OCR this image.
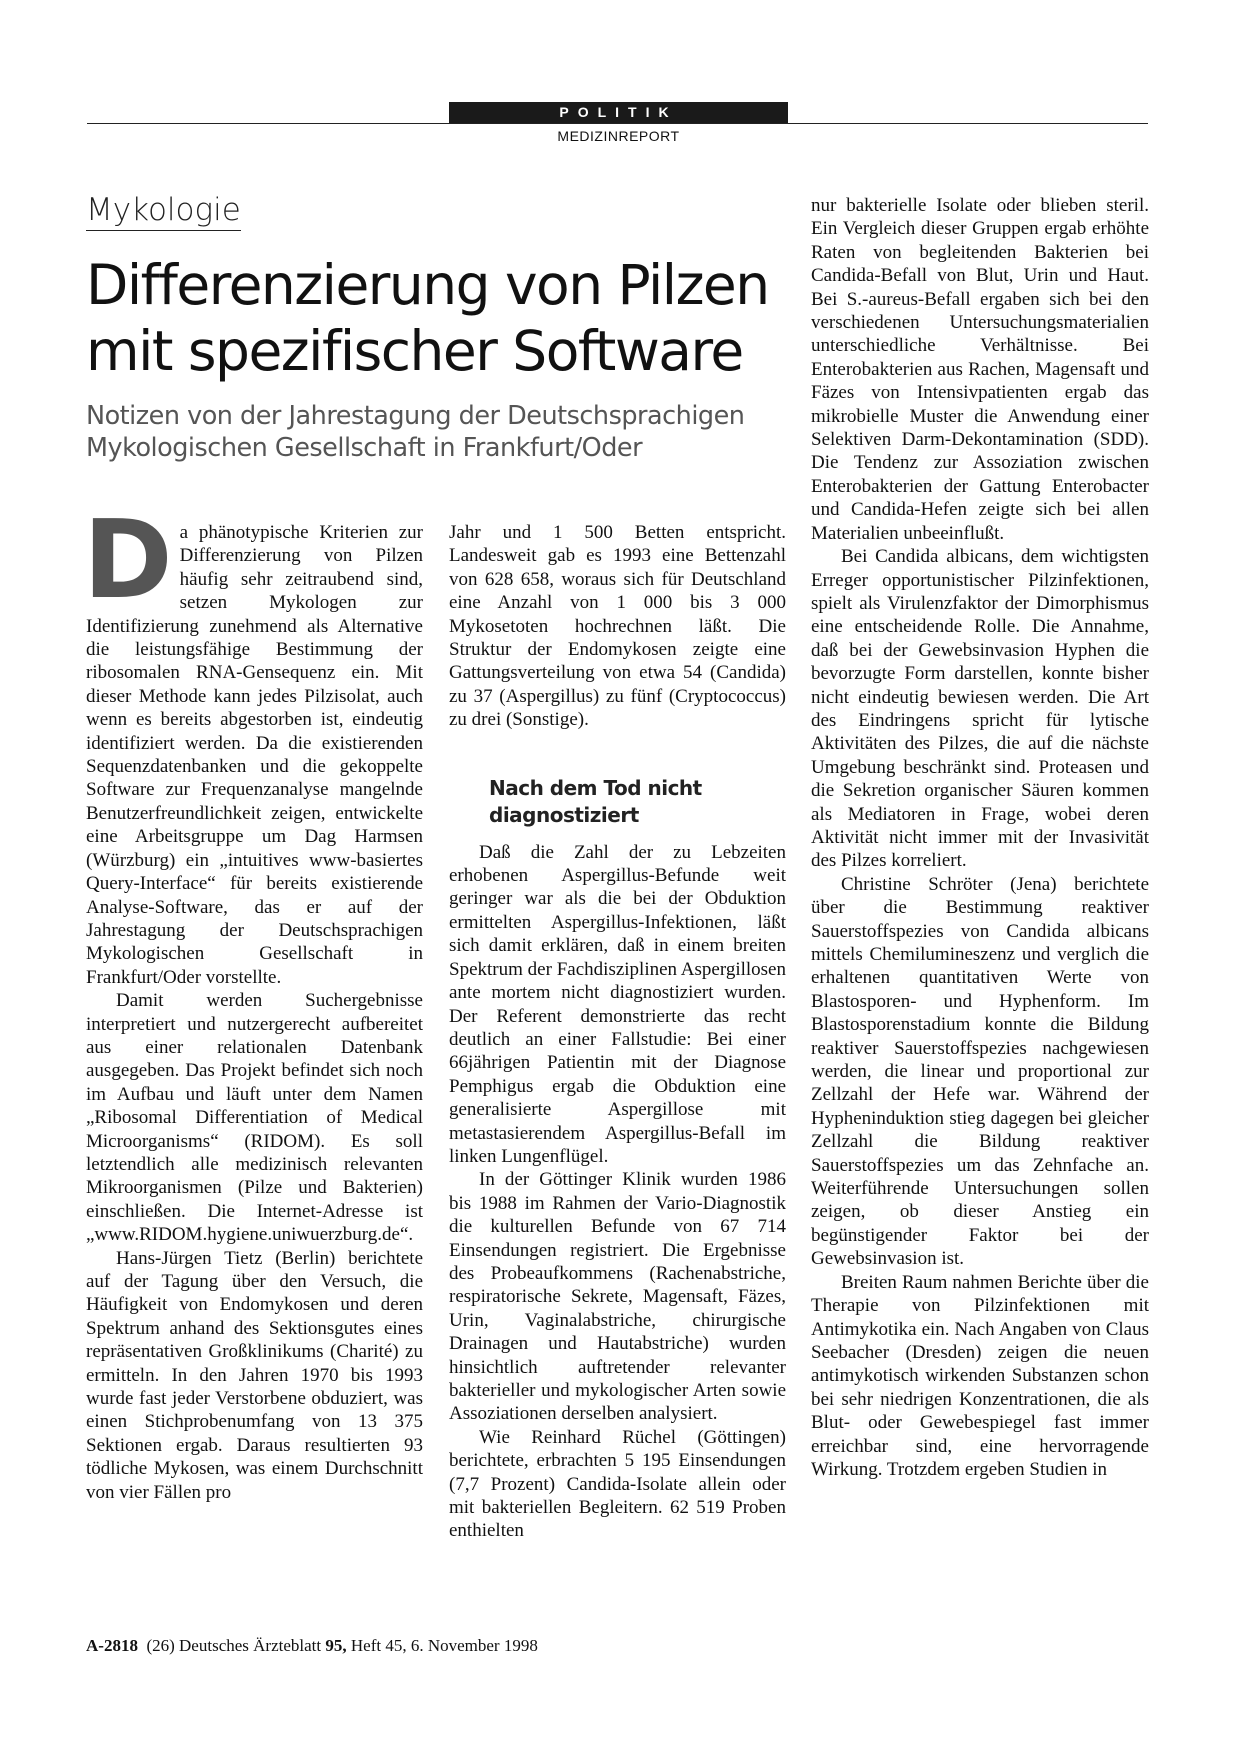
POLITIK
MEDIZINREPORT
Mykologie
Differenzierung von Pilzen
mit spezifischer Software
Notizen von der Jahrestagung der Deutschsprachigen
Mykologischen Gesellschaft in Frankfurt/Oder
D a phänotypische Kriterien zur Differenzierung von Pilzen häufig sehr zeitraubend sind, setzen Mykologen zur Identifizierung zunehmend als Alternative die leistungsfähige Bestimmung der ribosomalen RNA-Gensequenz ein. Mit dieser Methode kann jedes Pilzisolat, auch wenn es bereits abgestorben ist, eindeutig identifiziert werden. Da die existierenden Sequenzdatenbanken und die gekoppelte Software zur Frequenzanalyse mangelnde Benutzerfreundlichkeit zeigen, entwickelte eine Arbeitsgruppe um Dag Harmsen (Würzburg) ein „intuitives www-basiertes Query-Interface“ für bereits existierende Analyse-Software, das er auf der Jahrestagung der Deutschsprachigen Mykologischen Gesellschaft in Frankfurt/Oder vorstellte.

Damit werden Suchergebnisse interpretiert und nutzergerecht aufbereitet aus einer relationalen Datenbank ausgegeben. Das Projekt befindet sich noch im Aufbau und läuft unter dem Namen „Ribosomal Differentiation of Medical Microorganisms“ (RIDOM). Es soll letztendlich alle medizinisch relevanten Mikroorganismen (Pilze und Bakterien) einschließen. Die Internet-Adresse ist „www.RIDOM.hygiene.uniwuerzburg.de“.

Hans-Jürgen Tietz (Berlin) berichtete auf der Tagung über den Versuch, die Häufigkeit von Endomykosen und deren Spektrum anhand des Sektionsgutes eines repräsentativen Großklinikums (Charité) zu ermitteln. In den Jahren 1970 bis 1993 wurde fast jeder Verstorbene obduziert, was einen Stichprobenumfang von 13 375 Sektionen ergab. Daraus resultierten 93 tödliche Mykosen, was einem Durchschnitt von vier Fällen pro

Jahr und 1 500 Betten entspricht. Landesweit gab es 1993 eine Bettenzahl von 628 658, woraus sich für Deutschland eine Anzahl von 1 000 bis 3 000 Mykosetoten hochrechnen läßt. Die Struktur der Endomykosen zeigte eine Gattungsverteilung von etwa 54 (Candida) zu 37 (Aspergillus) zu fünf (Cryptococcus) zu drei (Sonstige).

Nach dem Tod nicht
diagnostiziert

Daß die Zahl der zu Lebzeiten erhobenen Aspergillus-Befunde weit geringer war als die bei der Obduktion ermittelten Aspergillus-Infektionen, läßt sich damit erklären, daß in einem breiten Spektrum der Fachdisziplinen Aspergillosen ante mortem nicht diagnostiziert wurden. Der Referent demonstrierte das recht deutlich an einer Fallstudie: Bei einer 66jährigen Patientin mit der Diagnose Pemphigus ergab die Obduktion eine generalisierte Aspergillose mit metastasierendem Aspergillus-Befall im linken Lungenflügel.

In der Göttinger Klinik wurden 1986 bis 1988 im Rahmen der Vario-Diagnostik die kulturellen Befunde von 67 714 Einsendungen registriert. Die Ergebnisse des Probeaufkommens (Rachenabstriche, respiratorische Sekrete, Magensaft, Fäzes, Urin, Vaginalabstriche, chirurgische Drainagen und Hautabstriche) wurden hinsichtlich auftretender relevanter bakterieller und mykologischer Arten sowie Assoziationen derselben analysiert.

Wie Reinhard Rüchel (Göttingen) berichtete, erbrachten 5 195 Einsendungen (7,7 Prozent) Candida-Isolate allein oder mit bakteriellen Begleitern. 62 519 Proben enthielten

nur bakterielle Isolate oder blieben steril. Ein Vergleich dieser Gruppen ergab erhöhte Raten von begleitenden Bakterien bei Candida-Befall von Blut, Urin und Haut. Bei S.-aureus-Befall ergaben sich bei den verschiedenen Untersuchungsmaterialien unterschiedliche Verhältnisse. Bei Enterobakterien aus Rachen, Magensaft und Fäzes von Intensivpatienten ergab das mikrobielle Muster die Anwendung einer Selektiven Darm-Dekontamination (SDD). Die Tendenz zur Assoziation zwischen Enterobakterien der Gattung Enterobacter und Candida-Hefen zeigte sich bei allen Materialien unbeeinflußt.

Bei Candida albicans, dem wichtigsten Erreger opportunistischer Pilzinfektionen, spielt als Virulenzfaktor der Dimorphismus eine entscheidende Rolle. Die Annahme, daß bei der Gewebsinvasion Hyphen die bevorzugte Form darstellen, konnte bisher nicht eindeutig bewiesen werden. Die Art des Eindringens spricht für lytische Aktivitäten des Pilzes, die auf die nächste Umgebung beschränkt sind. Proteasen und die Sekretion organischer Säuren kommen als Mediatoren in Frage, wobei deren Aktivität nicht immer mit der Invasivität des Pilzes korreliert.

Christine Schröter (Jena) berichtete über die Bestimmung reaktiver Sauerstoffspezies von Candida albicans mittels Chemilumineszenz und verglich die erhaltenen quantitativen Werte von Blastosporen- und Hyphenform. Im Blastosporenstadium konnte die Bildung reaktiver Sauerstoffspezies nachgewiesen werden, die linear und proportional zur Zellzahl der Hefe war. Während der Hypheninduktion stieg dagegen bei gleicher Zellzahl die Bildung reaktiver Sauerstoffspezies um das Zehnfache an. Weiterführende Untersuchungen sollen zeigen, ob dieser Anstieg ein begünstigender Faktor bei der Gewebsinvasion ist.

Breiten Raum nahmen Berichte über die Therapie von Pilzinfektionen mit Antimykotika ein. Nach Angaben von Claus Seebacher (Dresden) zeigen die neuen antimykotisch wirkenden Substanzen schon bei sehr niedrigen Konzentrationen, die als Blut- oder Gewebespiegel fast immer erreichbar sind, eine hervorragende Wirkung. Trotzdem ergeben Studien in

A-2818 (26) Deutsches Ärzteblatt 95, Heft 45, 6. November 1998
